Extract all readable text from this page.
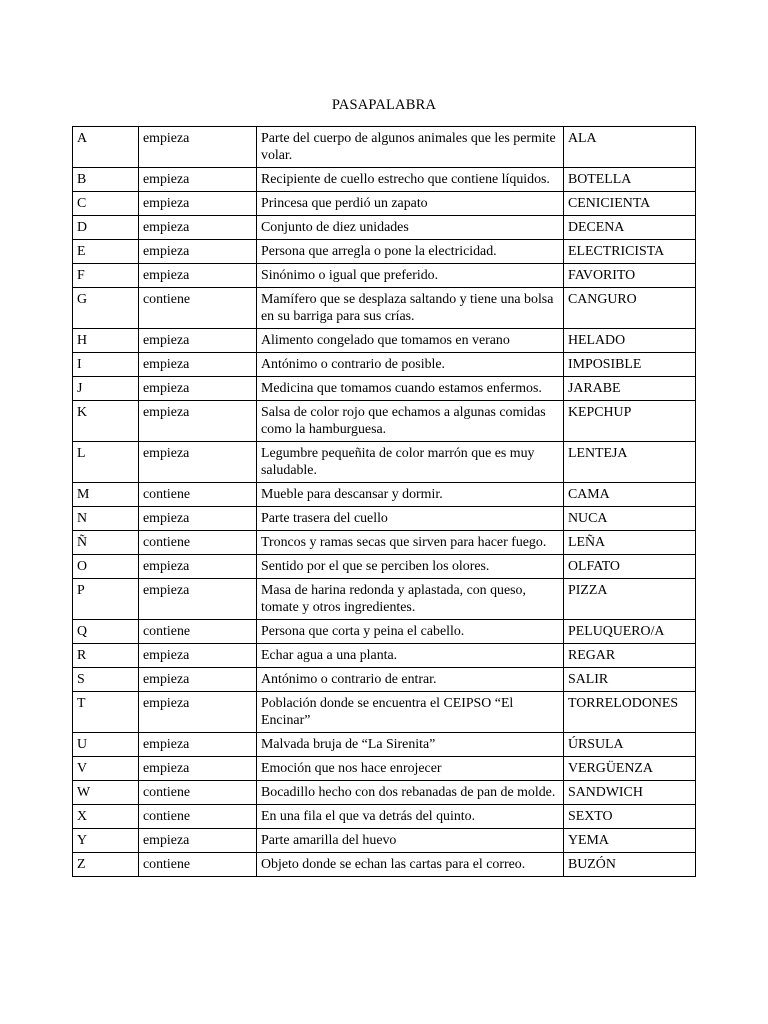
PASAPALABRA
A	empieza	Parte del cuerpo de algunos animales que les permite volar.	ALA
B	empieza	Recipiente de cuello estrecho que contiene líquidos.	BOTELLA
C	empieza	Princesa que perdió un zapato	CENICIENTA
D	empieza	Conjunto de diez unidades	DECENA
E	empieza	Persona que arregla o pone la electricidad.	ELECTRICISTA
F	empieza	Sinónimo o igual que preferido.	FAVORITO
G	contiene	Mamífero que se desplaza saltando y tiene una bolsa en su barriga para sus crías.	CANGURO
H	empieza	Alimento congelado que tomamos en verano	HELADO
I	empieza	Antónimo o contrario de posible.	IMPOSIBLE
J	empieza	Medicina que tomamos cuando estamos enfermos.	JARABE
K	empieza	Salsa de color rojo que echamos a algunas comidas como la hamburguesa.	KEPCHUP
L	empieza	Legumbre pequeñita de color marrón que es muy saludable.	LENTEJA
M	contiene	Mueble para descansar y dormir.	CAMA
N	empieza	Parte trasera del cuello	NUCA
Ñ	contiene	Troncos y ramas secas que sirven para hacer fuego.	LEÑA
O	empieza	Sentido por el que se perciben los olores.	OLFATO
P	empieza	Masa de harina redonda y aplastada, con queso, tomate y otros ingredientes.	PIZZA
Q	contiene	Persona que corta y peina el cabello.	PELUQUERO/A
R	empieza	Echar agua a una planta.	REGAR
S	empieza	Antónimo o contrario de entrar.	SALIR
T	empieza	Población donde se encuentra el CEIPSO “El Encinar”	TORRELODONES
U	empieza	Malvada bruja de “La Sirenita”	ÚRSULA
V	empieza	Emoción que nos hace enrojecer	VERGÜENZA
W	contiene	Bocadillo hecho con dos rebanadas de pan de molde.	SANDWICH
X	contiene	En una fila el que va detrás del quinto.	SEXTO
Y	empieza	Parte amarilla del huevo	YEMA
Z	contiene	Objeto donde se echan las cartas para el correo.	BUZÓN
